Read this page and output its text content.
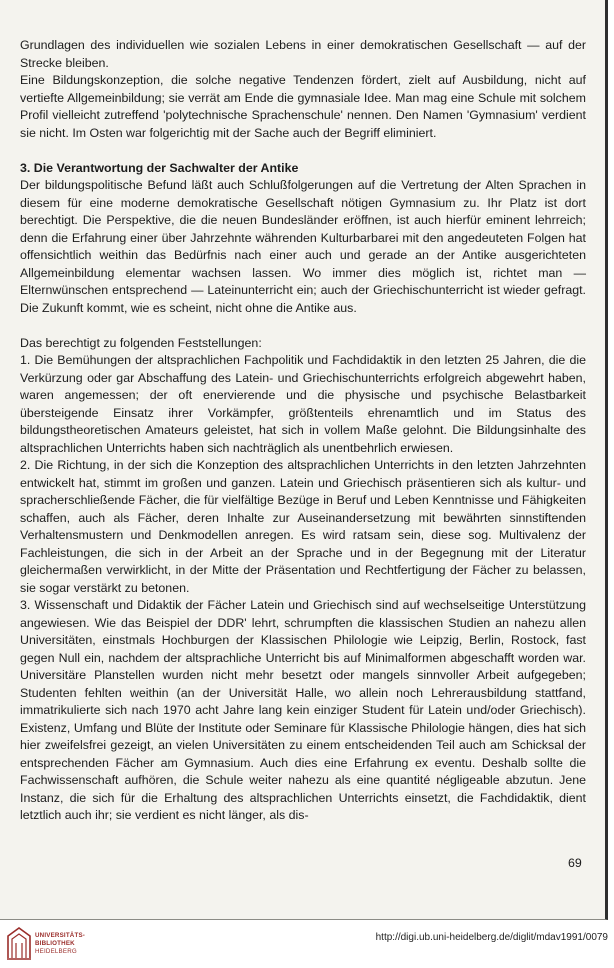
Grundlagen des individuellen wie sozialen Lebens in einer demokratischen Gesellschaft — auf der Strecke bleiben.

Eine Bildungskonzeption, die solche negative Tendenzen fördert, zielt auf Ausbildung, nicht auf vertiefte Allgemeinbildung; sie verrät am Ende die gymnasiale Idee. Man mag eine Schule mit solchem Profil vielleicht zutreffend 'polytechnische Sprachenschule' nennen. Den Namen 'Gymnasium' verdient sie nicht. Im Osten war folgerichtig mit der Sache auch der Begriff eliminiert.

3. Die Verantwortung der Sachwalter der Antike

Der bildungspolitische Befund läßt auch Schlußfolgerungen auf die Vertretung der Alten Sprachen in diesem für eine moderne demokratische Gesellschaft nötigen Gymnasium zu. Ihr Platz ist dort berechtigt. Die Perspektive, die die neuen Bundesländer eröffnen, ist auch hierfür eminent lehrreich; denn die Erfahrung einer über Jahrzehnte währenden Kulturbarbarei mit den angedeuteten Folgen hat offensichtlich weithin das Bedürfnis nach einer auch und gerade an der Antike ausgerichteten Allgemeinbildung elementar wachsen lassen. Wo immer dies möglich ist, richtet man — Elternwünschen entsprechend — Lateinunterricht ein; auch der Griechischunterricht ist wieder gefragt. Die Zukunft kommt, wie es scheint, nicht ohne die Antike aus.

Das berechtigt zu folgenden Feststellungen:

1. Die Bemühungen der altsprachlichen Fachpolitik und Fachdidaktik in den letzten 25 Jahren, die die Verkürzung oder gar Abschaffung des Latein- und Griechischunterrichts erfolgreich abgewehrt haben, waren angemessen; der oft enervierende und die physische und psychische Belastbarkeit übersteigende Einsatz ihrer Vorkämpfer, größtenteils ehrenamtlich und im Status des bildungstheoretischen Amateurs geleistet, hat sich in vollem Maße gelohnt. Die Bildungsinhalte des altsprachlichen Unterrichts haben sich nachträglich als unentbehrlich erwiesen.

2. Die Richtung, in der sich die Konzeption des altsprachlichen Unterrichts in den letzten Jahrzehnten entwickelt hat, stimmt im großen und ganzen. Latein und Griechisch präsentieren sich als kultur- und spracherschließende Fächer, die für vielfältige Bezüge in Beruf und Leben Kenntnisse und Fähigkeiten schaffen, auch als Fächer, deren Inhalte zur Auseinandersetzung mit bewährten sinnstiftenden Verhaltensmustern und Denkmodellen anregen. Es wird ratsam sein, diese sog. Multivalenz der Fachleistungen, die sich in der Arbeit an der Sprache und in der Begegnung mit der Literatur gleichermaßen verwirklicht, in der Mitte der Präsentation und Rechtfertigung der Fächer zu belassen, sie sogar verstärkt zu betonen.

3. Wissenschaft und Didaktik der Fächer Latein und Griechisch sind auf wechselseitige Unterstützung angewiesen. Wie das Beispiel der DDR' lehrt, schrumpften die klassischen Studien an nahezu allen Universitäten, einstmals Hochburgen der Klassischen Philologie wie Leipzig, Berlin, Rostock, fast gegen Null ein, nachdem der altsprachliche Unterricht bis auf Minimalformen abgeschafft worden war. Universitäre Planstellen wurden nicht mehr besetzt oder mangels sinnvoller Arbeit aufgegeben; Studenten fehlten weithin (an der Universität Halle, wo allein noch Lehrerausbildung stattfand, immatrikulierte sich nach 1970 acht Jahre lang kein einziger Student für Latein und/oder Griechisch). Existenz, Umfang und Blüte der Institute oder Seminare für Klassische Philologie hängen, dies hat sich hier zweifelsfrei gezeigt, an vielen Universitäten zu einem entscheidenden Teil auch am Schicksal der entsprechenden Fächer am Gymnasium. Auch dies eine Erfahrung ex eventu. Deshalb sollte die Fachwissenschaft aufhören, die Schule weiter nahezu als eine quantité négligeable abzutun. Jene Instanz, die sich für die Erhaltung des altsprachlichen Unterrichts einsetzt, die Fachdidaktik, dient letztlich auch ihr; sie verdient es nicht länger, als dis-

69
UNIVERSITÄTS-
BIBLIOTHEK
HEIDELBERG
http://digi.ub.uni-heidelberg.de/diglit/mdav1991/0079
